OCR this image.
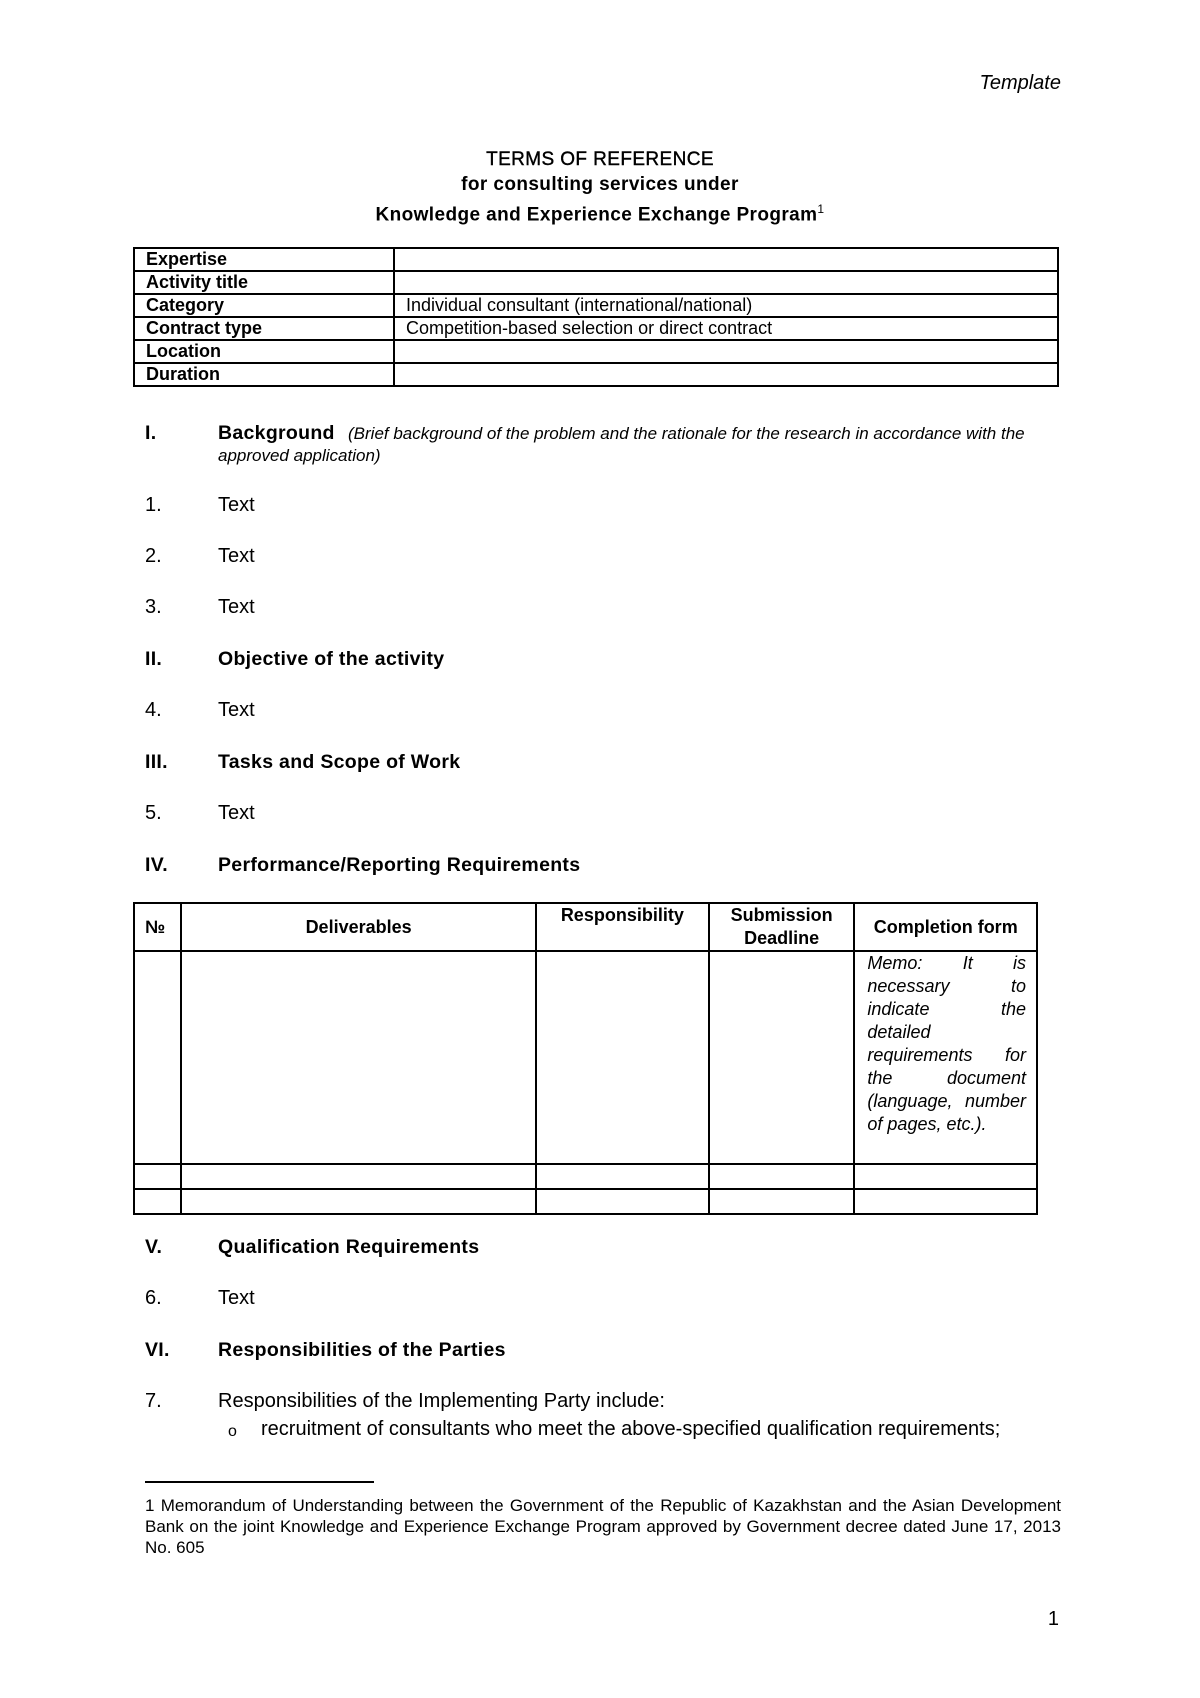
Template
TERMS OF REFERENCE
for consulting services under
Knowledge and Experience Exchange Program$^1$
Expertise	
Activity title	
Category	Individual consultant (international/national)
Contract type	Competition-based selection or direct contract
Location	
Duration	
I.	Background (Brief background of the problem and the rationale for the research in accordance with the approved application)
1.	Text
2.	Text
3.	Text
II.	Objective of the activity
4.	Text
III.	Tasks and Scope of Work
5.	Text
IV.	Performance/Reporting Requirements
№	Deliverables	Responsibility	Submission Deadline	Completion form

				Memo: It is necessary to indicate the detailed requirements for the document (language, number of pages, etc.).

V.	Qualification Requirements
6.	Text
VI. Responsibilities of the Parties
7.	Responsibilities of the Implementing Party include:
o recruitment of consultants who meet the above-specified qualification requirements;
1 Memorandum of Understanding between the Government of the Republic of Kazakhstan and the Asian Development Bank on the joint Knowledge and Experience Exchange Program approved by Government decree dated June 17, 2013 No. 605
1
